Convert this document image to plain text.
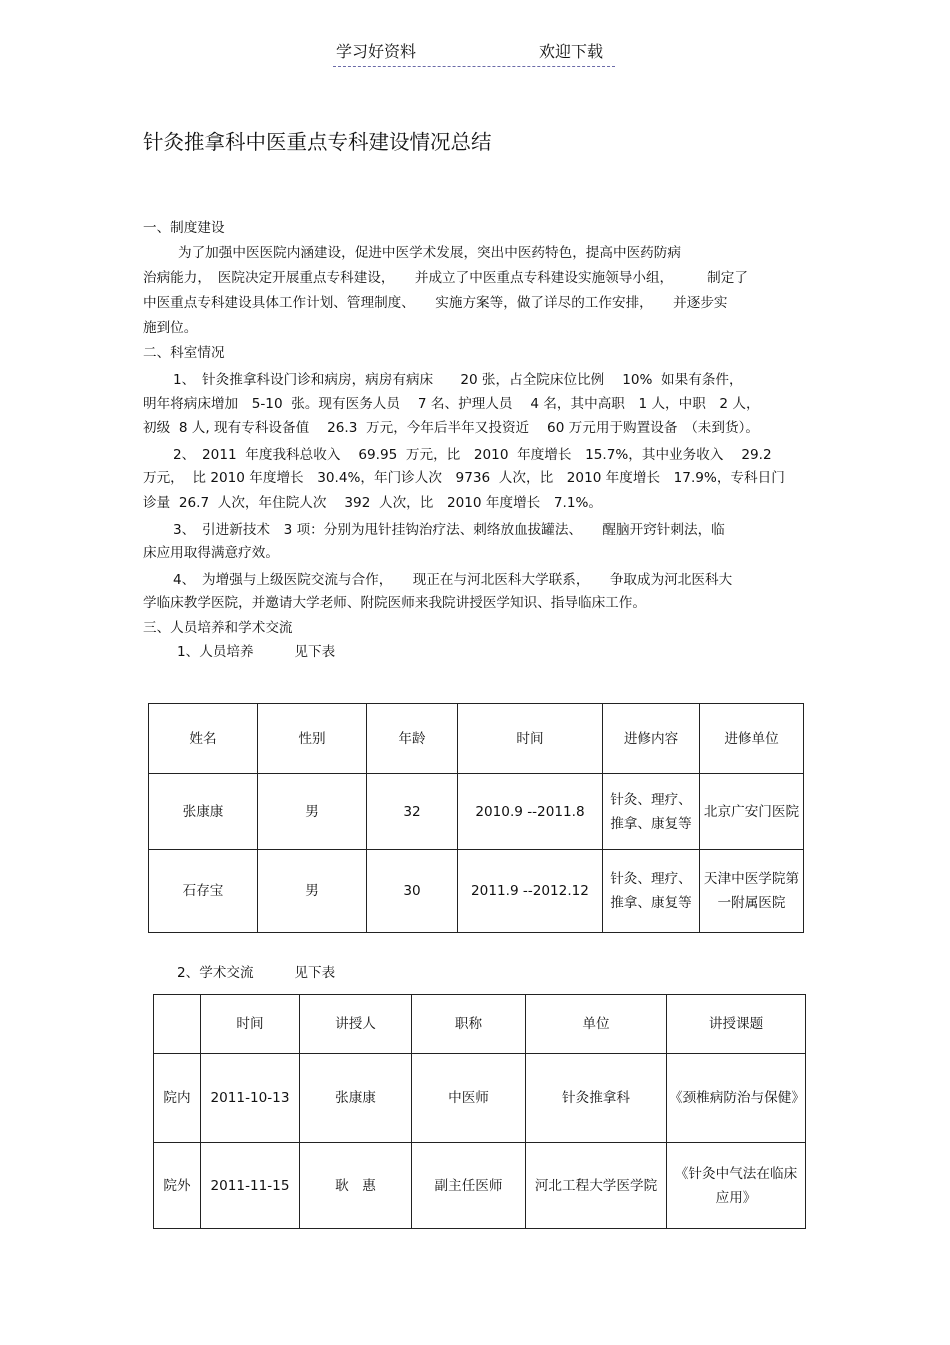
学习好资料	欢迎下载
针灸推拿科中医重点专科建设情况总结
一、制度建设
为了加强中医医院内涵建设，促进中医学术发展，突出中医药特色，提高中医药防病
治病能力，　医院决定开展重点专科建设，　　并成立了中医重点专科建设实施领导小组，　　　制定了
中医重点专科建设具体工作计划、管理制度、　　实施方案等，做了详尽的工作安排，　　并逐步实
施到位。
二、科室情况
1、　针灸推拿科设门诊和病房，病房有病床　　20 张，占全院床位比例　 10%  如果有条件，
明年将病床增加　5-10  张。现有医务人员　 7 名、护理人员　 4 名，其中高职　1 人，中职　2 人，
初级  8 人, 现有专科设备值　 26.3  万元，今年后半年又投资近　 60 万元用于购置设备　（未到货）。
2、　2011  年度我科总收入　 69.95  万元，比　2010  年度增长　15.7%，其中业务收入　 29.2
万元，  比 2010 年度增长　30.4%，年门诊人次　9736  人次，比　2010 年度增长　17.9%，专科日门
诊量  26.7  人次，年住院人次　 392  人次，比　2010 年度增长　7.1%。
3、　引进新技术　3 项：分别为甩针挂钩治疗法、刺络放血拔罐法、　　醒脑开窍针刺法，临
床应用取得满意疗效。
4、　为增强与上级医院交流与合作，　　现正在与河北医科大学联系，　　争取成为河北医科大
学临床教学医院，并邀请大学老师、附院医师来我院讲授医学知识、指导临床工作。
三、人员培养和学术交流
1、人员培养　　　见下表
姓名	性别	年龄	时间	进修内容	进修单位
张康康	男	32	2010.9 --2011.8	针灸、理疗、推拿、康复等	北京广安门医院
石存宝	男	30	2011.9 --2012.12	针灸、理疗、推拿、康复等	天津中医学院第一附属医院
2、学术交流　　　见下表
	时间	讲授人	职称	单位	讲授课题
院内	2011-10-13	张康康	中医师	针灸推拿科	《颈椎病防治与保健》
院外	2011-11-15	耿　惠	副主任医师	河北工程大学医学院	《针灸中气法在临床应用》
